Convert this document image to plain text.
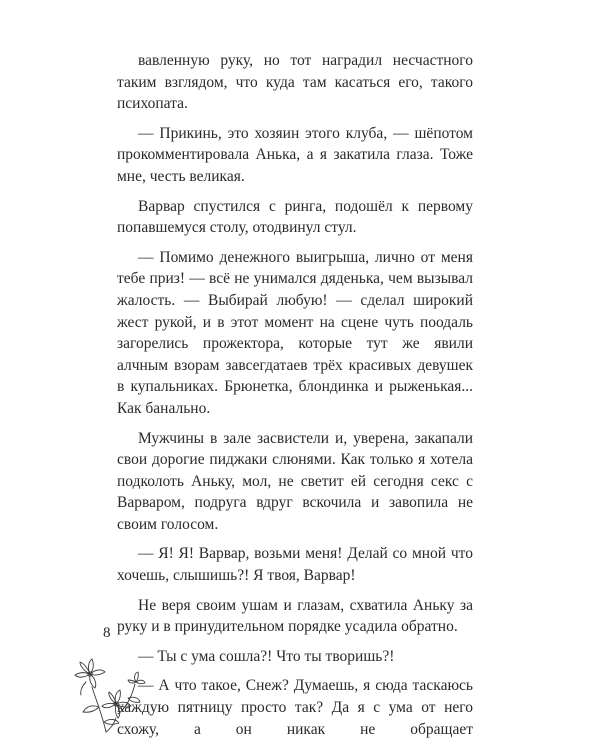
вавленную руку, но тот наградил несчастного таким взглядом, что куда там касаться его, такого психопата.

— Прикинь, это хозяин этого клуба, — шёпотом прокомментировала Анька, а я закатила глаза. Тоже мне, честь великая.

Варвар спустился с ринга, подошёл к первому попавшемуся столу, отодвинул стул.

— Помимо денежного выигрыша, лично от меня тебе приз! — всё не унимался дяденька, чем вызывал жалость. — Выбирай любую! — сделал широкий жест рукой, и в этот момент на сцене чуть поодаль загорелись прожектора, которые тут же явили алчным взорам завсегдатаев трёх красивых девушек в купальниках. Брюнетка, блондинка и рыженькая... Как банально.

Мужчины в зале засвистели и, уверена, закапали свои дорогие пиджаки слюнями. Как только я хотела подколоть Аньку, мол, не светит ей сегодня секс с Варваром, подруга вдруг вскочила и завопила не своим голосом.

— Я! Я! Варвар, возьми меня! Делай со мной что хочешь, слышишь?! Я твоя, Варвар!

Не веря своим ушам и глазам, схватила Аньку за руку и в принудительном порядке усадила обратно.

— Ты с ума сошла?! Что ты творишь?!

— А что такое, Снеж? Думаешь, я сюда таскаюсь каждую пятницу просто так? Да я с ума от него схожу, а он никак не обращает

8
